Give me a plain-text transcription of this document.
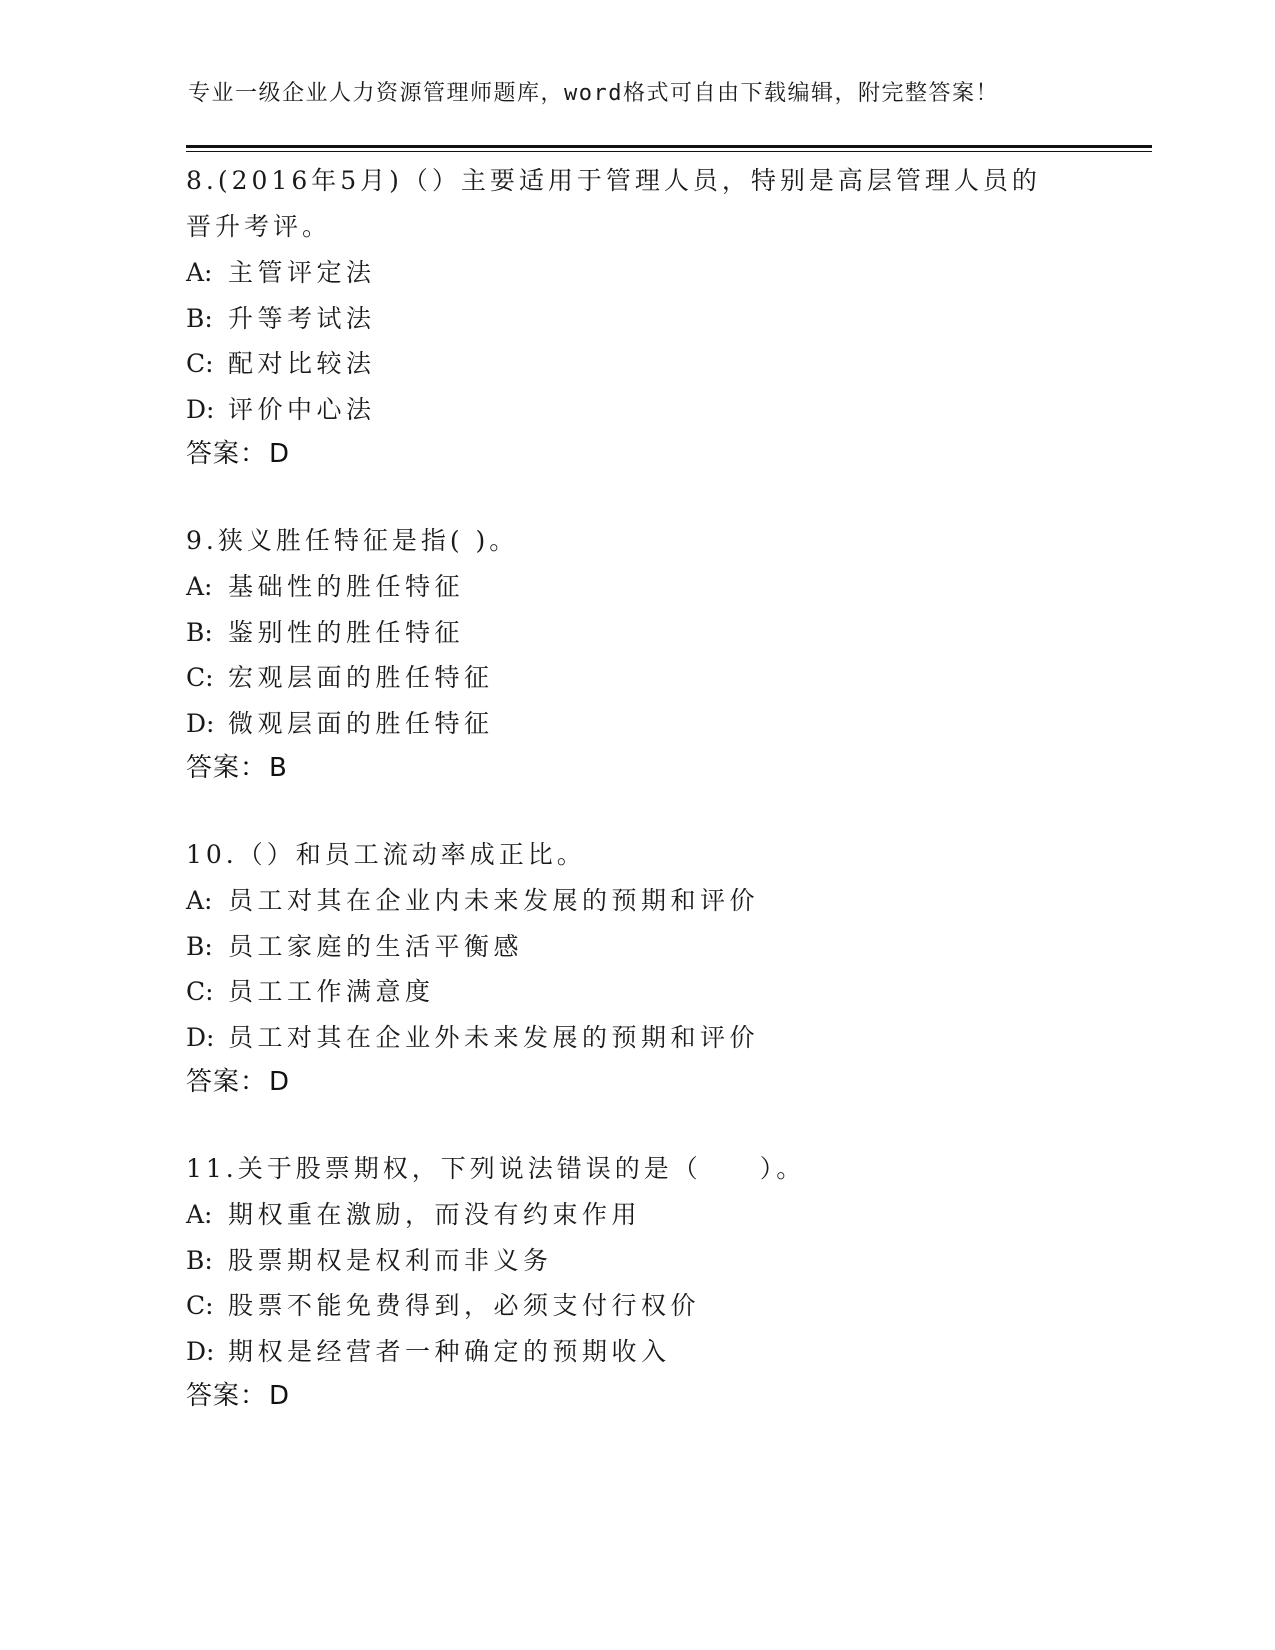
专业一级企业人力资源管理师题库，word格式可自由下载编辑，附完整答案！

8.(2016年5月)（）主要适用于管理人员，特别是高层管理人员的晋升考评。

A: 主管评定法
B: 升等考试法
C: 配对比较法
D: 评价中心法
答案：D

9.狭义胜任特征是指( )。

A: 基础性的胜任特征
B: 鉴别性的胜任特征
C: 宏观层面的胜任特征
D: 微观层面的胜任特征
答案：B

10.（）和员工流动率成正比。

A: 员工对其在企业内未来发展的预期和评价
B: 员工家庭的生活平衡感
C: 员工工作满意度
D: 员工对其在企业外未来发展的预期和评价
答案：D

11.关于股票期权，下列说法错误的是（　　）。

A: 期权重在激励，而没有约束作用
B: 股票期权是权利而非义务
C: 股票不能免费得到，必须支付行权价
D: 期权是经营者一种确定的预期收入
答案：D
